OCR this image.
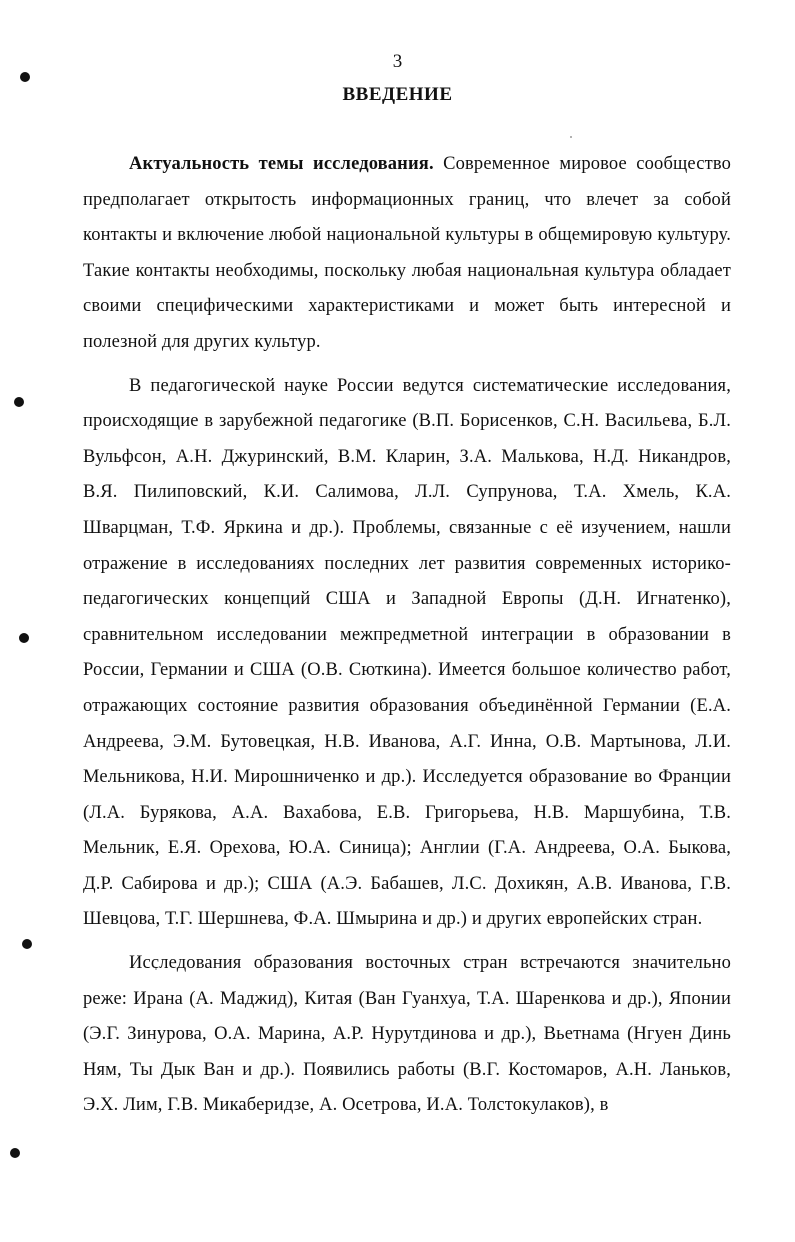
3
ВВЕДЕНИЕ

Актуальность темы исследования. Современное мировое сообщество предполагает открытость информационных границ, что влечет за собой контакты и включение любой национальной культуры в общемировую культуру. Такие контакты необходимы, поскольку любая национальная культура обладает своими специфическими характеристиками и может быть интересной и полезной для других культур.

В педагогической науке России ведутся систематические исследования, происходящие в зарубежной педагогике (В.П. Борисенков, С.Н. Васильева, Б.Л. Вульфсон, А.Н. Джуринский, В.М. Кларин, З.А. Малькова, Н.Д. Никандров, В.Я. Пилиповский, К.И. Салимова, Л.Л. Супрунова, Т.А. Хмель, К.А. Шварцман, Т.Ф. Яркина и др.). Проблемы, связанные с её изучением, нашли отражение в исследованиях последних лет развития современных историко-педагогических концепций США и Западной Европы (Д.Н. Игнатенко), сравнительном исследовании межпредметной интеграции в образовании в России, Германии и США (О.В. Сюткина). Имеется большое количество работ, отражающих состояние развития образования объединённой Германии (Е.А. Андреева, Э.М. Бутовецкая, Н.В. Иванова, А.Г. Инна, О.В. Мартынова, Л.И. Мельникова, Н.И. Мирошниченко и др.). Исследуется образование во Франции (Л.А. Бурякова, А.А. Вахабова, Е.В. Григорьева, Н.В. Маршубина, Т.В. Мельник, Е.Я. Орехова, Ю.А. Синица); Англии (Г.А. Андреева, О.А. Быкова, Д.Р. Сабирова и др.); США (А.Э. Бабашев, Л.С. Дохикян, А.В. Иванова, Г.В. Шевцова, Т.Г. Шершнева, Ф.А. Шмырина и др.) и других европейских стран.

Исследования образования восточных стран встречаются значительно реже: Ирана (А. Маджид), Китая (Ван Гуанхуа, Т.А. Шаренкова и др.), Японии (Э.Г. Зинурова, О.А. Марина, А.Р. Нурутдинова и др.), Вьетнама (Нгуен Динь Ням, Ты Дык Ван и др.). Появились работы (В.Г. Костомаров, А.Н. Ланьков, Э.Х. Лим, Г.В. Микаберидзе, А. Осетрова, И.А. Толстокулаков), в
